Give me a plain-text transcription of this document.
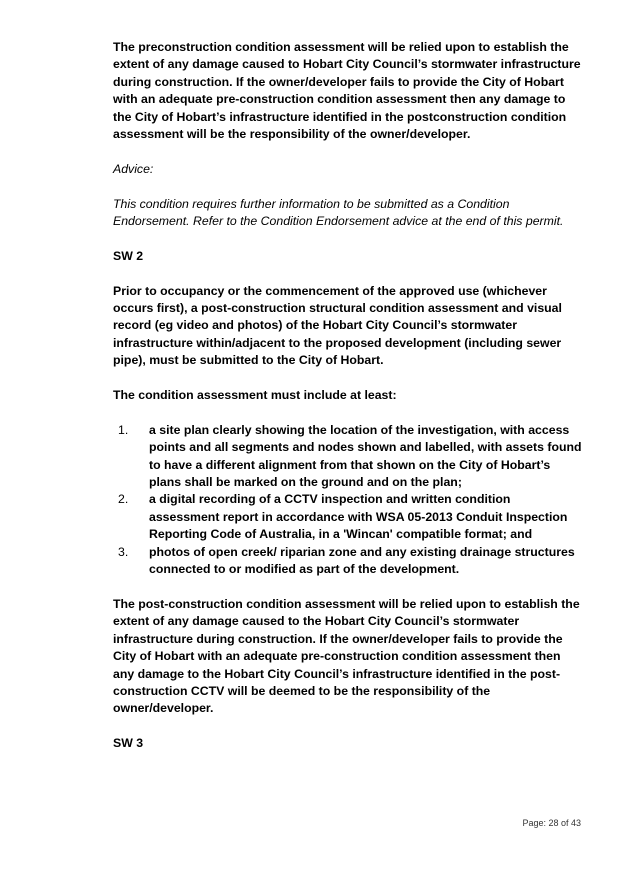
The preconstruction condition assessment will be relied upon to establish the extent of any damage caused to Hobart City Council’s stormwater infrastructure during construction. If the owner/developer fails to provide the City of Hobart with an adequate pre-construction condition assessment then any damage to the City of Hobart’s infrastructure identified in the postconstruction condition assessment will be the responsibility of the owner/developer.

Advice:

This condition requires further information to be submitted as a Condition Endorsement. Refer to the Condition Endorsement advice at the end of this permit.

SW 2

Prior to occupancy or the commencement of the approved use (whichever occurs first), a post-construction structural condition assessment and visual record (eg video and photos) of the Hobart City Council’s stormwater infrastructure within/adjacent to the proposed development (including sewer pipe), must be submitted to the City of Hobart.

The condition assessment must include at least:

1.	a site plan clearly showing the location of the investigation, with access points and all segments and nodes shown and labelled, with assets found to have a different alignment from that shown on the City of Hobart’s plans shall be marked on the ground and on the plan;
2.	a digital recording of a CCTV inspection and written condition assessment report in accordance with WSA 05-2013 Conduit Inspection Reporting Code of Australia, in a 'Wincan' compatible format; and
3.	photos of open creek/ riparian zone and any existing drainage structures connected to or modified as part of the development.

The post-construction condition assessment will be relied upon to establish the extent of any damage caused to the Hobart City Council’s stormwater infrastructure during construction. If the owner/developer fails to provide the City of Hobart with an adequate pre-construction condition assessment then any damage to the Hobart City Council’s infrastructure identified in the post-construction CCTV will be deemed to be the responsibility of the owner/developer.

SW 3

Page: 28 of 43
